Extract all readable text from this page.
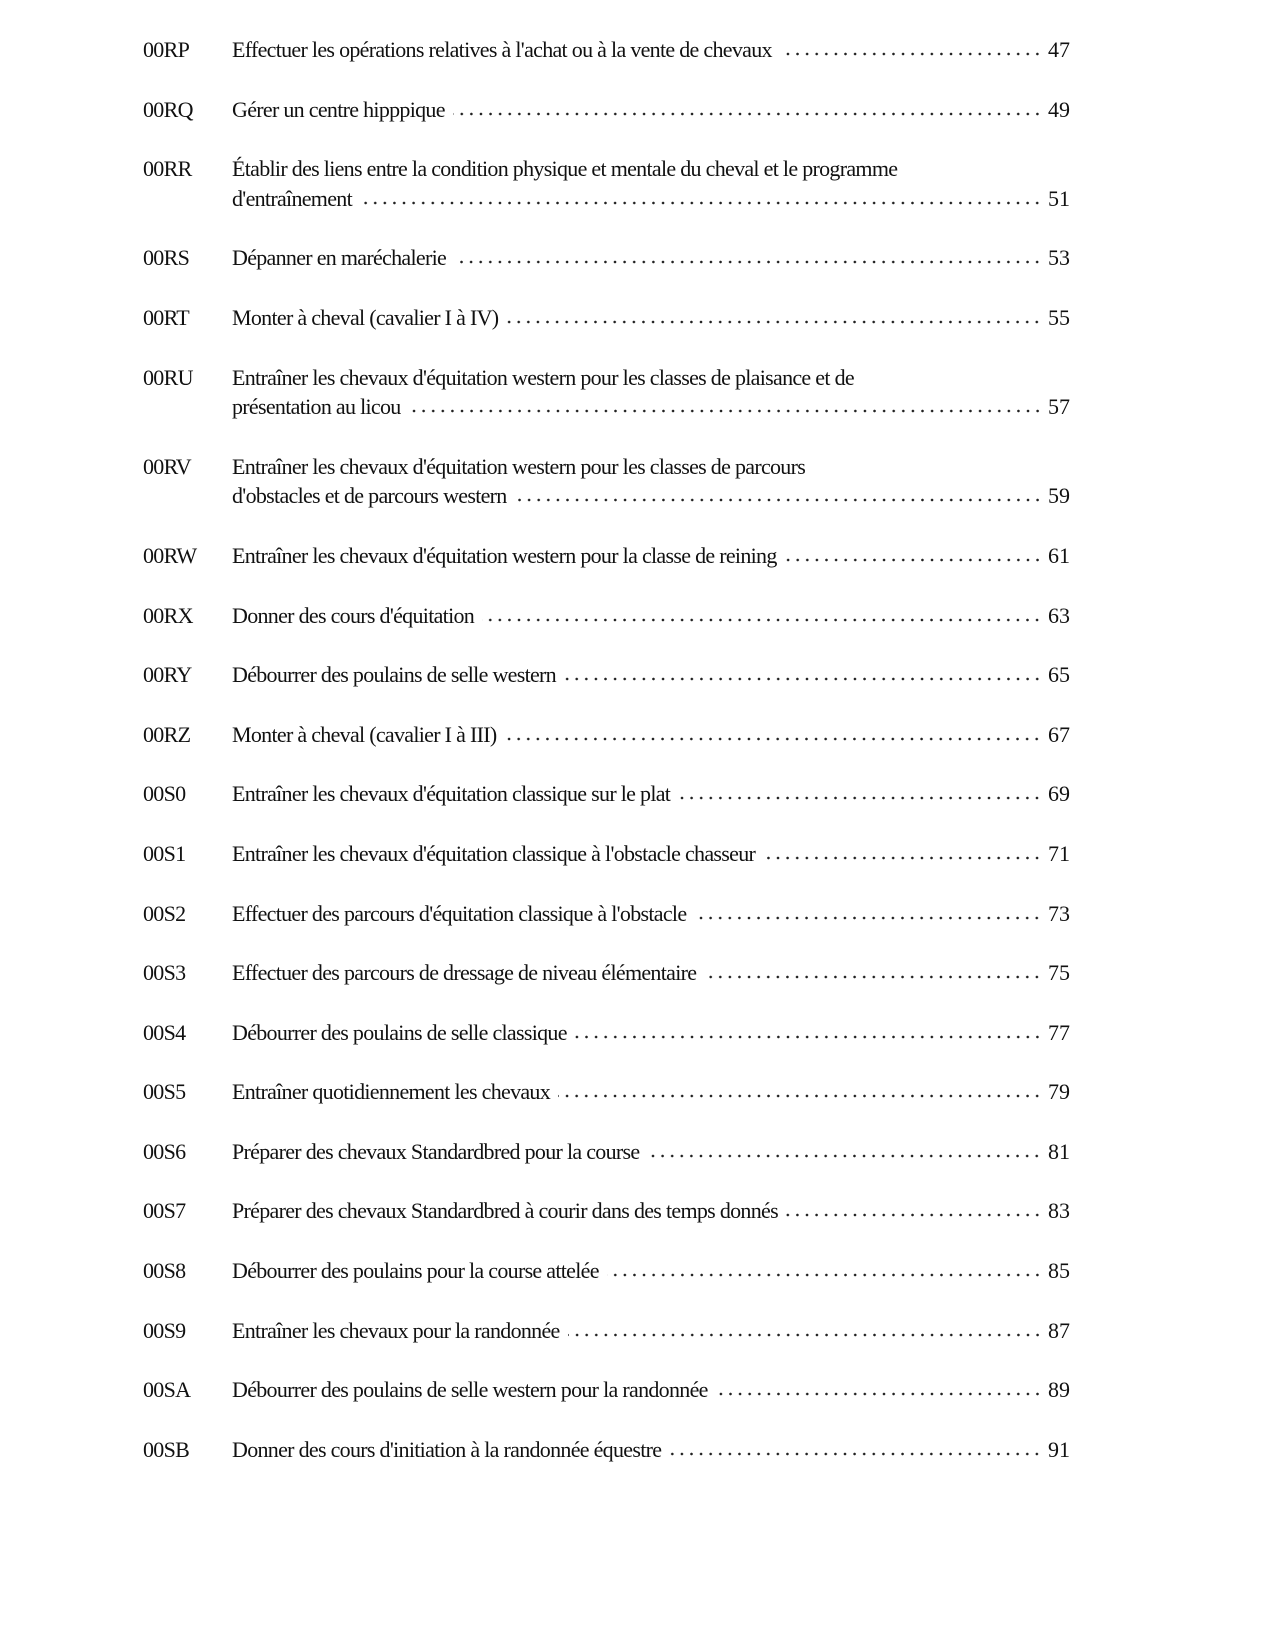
00RP	Effectuer les opérations relatives à l'achat ou à la vente de chevaux	47
00RQ	Gérer un centre hipppique	49
00RR	Établir des liens entre la condition physique et mentale du cheval et le programme
d'entraînement	51
00RS	Dépanner en maréchalerie	53
00RT	Monter à cheval (cavalier I à IV)	55
00RU	Entraîner les chevaux d'équitation western pour les classes de plaisance et de
présentation au licou	57
00RV	Entraîner les chevaux d'équitation western pour les classes de parcours
d'obstacles et de parcours western	59
00RW	Entraîner les chevaux d'équitation western pour la classe de reining	61
00RX	Donner des cours d'équitation	63
00RY	Débourrer des poulains de selle western	65
00RZ	Monter à cheval (cavalier I à III)	67
00S0	Entraîner les chevaux d'équitation classique sur le plat	69
00S1	Entraîner les chevaux d'équitation classique à l'obstacle chasseur	71
00S2	Effectuer des parcours d'équitation classique à l'obstacle	73
00S3	Effectuer des parcours de dressage de niveau élémentaire	75
00S4	Débourrer des poulains de selle classique	77
00S5	Entraîner quotidiennement les chevaux	79
00S6	Préparer des chevaux Standardbred pour la course	81
00S7	Préparer des chevaux Standardbred à courir dans des temps donnés	83
00S8	Débourrer des poulains pour la course attelée	85
00S9	Entraîner les chevaux pour la randonnée	87
00SA	Débourrer des poulains de selle western pour la randonnée	89
00SB	Donner des cours d'initiation à la randonnée équestre	91
